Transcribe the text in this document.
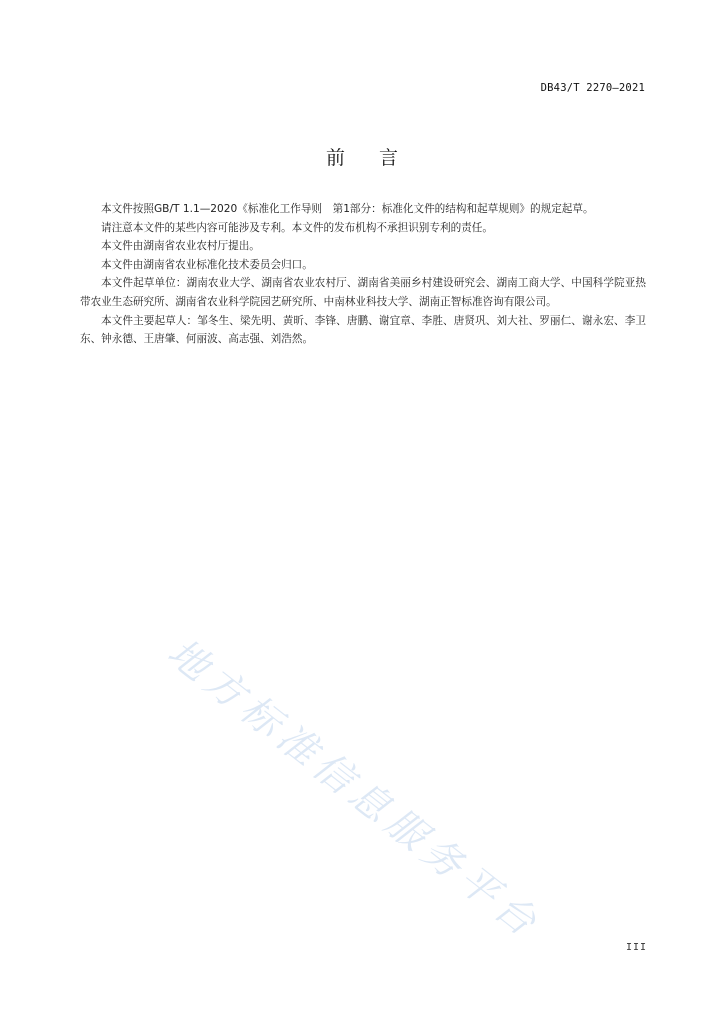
DB43/T 2270—2021
前言

本文件按照GB/T 1.1—2020《标准化工作导则　第1部分：标准化文件的结构和起草规则》的规定起草。

请注意本文件的某些内容可能涉及专利。本文件的发布机构不承担识别专利的责任。

本文件由湖南省农业农村厅提出。

本文件由湖南省农业标准化技术委员会归口。

本文件起草单位：湖南农业大学、湖南省农业农村厅、湖南省美丽乡村建设研究会、湖南工商大学、中国科学院亚热带农业生态研究所、湖南省农业科学院园艺研究所、中南林业科技大学、湖南正智标准咨询有限公司。

本文件主要起草人：邹冬生、梁先明、黄昕、李锋、唐鹏、谢宜章、李胜、唐贤巩、刘大社、罗丽仁、谢永宏、李卫东、钟永德、王唐肇、何丽波、高志强、刘浩然。

地方标准信息服务平台	III
